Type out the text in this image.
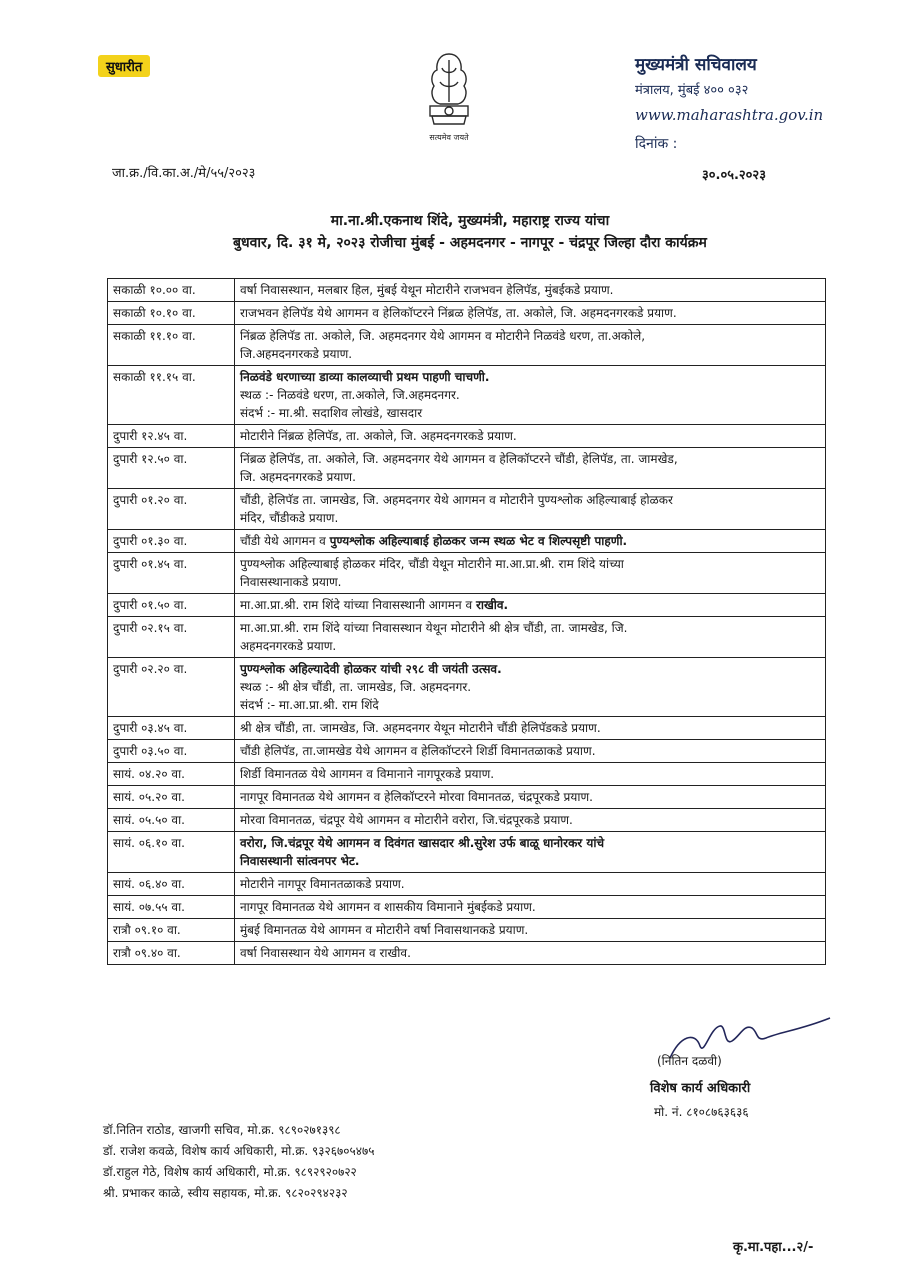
सुधारीत
सत्यमेव जयते
मुख्यमंत्री सचिवालय
मंत्रालय, मुंबई ४०० ०३२
www.maharashtra.gov.in
दिनांक :
जा.क्र./वि.का.अ./मे/५५/२०२३	३०.०५.२०२३
मा.ना.श्री.एकनाथ शिंदे, मुख्यमंत्री, महाराष्ट्र राज्य यांचा
बुधवार, दि. ३१ मे, २०२३ रोजीचा मुंबई - अहमदनगर - नागपूर - चंद्रपूर जिल्हा दौरा कार्यक्रम
सकाळी १०.०० वा.	वर्षा निवासस्थान, मलबार हिल, मुंबई येथून मोटारीने राजभवन हेलिपॅड, मुंबईकडे प्रयाण.

सकाळी १०.१० वा.	राजभवन हेलिपॅड येथे आगमन व हेलिकॉप्टरने निंब्रळ हेलिपॅड, ता. अकोले, जि. अहमदनगरकडे प्रयाण.

सकाळी ११.१० वा.	निंब्रळ हेलिपॅड ता. अकोले, जि. अहमदनगर येथे आगमन व मोटारीने निळवंडे धरण, ता.अकोले,
जि.अहमदनगरकडे प्रयाण.

सकाळी ११.१५ वा.	निळवंडे धरणाच्या डाव्या कालव्याची प्रथम पाहणी चाचणी.
स्थळ :- निळवंडे धरण, ता.अकोले, जि.अहमदनगर.
संदर्भ :- मा.श्री. सदाशिव लोखंडे, खासदार

दुपारी १२.४५ वा.	मोटारीने निंब्रळ हेलिपॅड, ता. अकोले, जि. अहमदनगरकडे प्रयाण.

दुपारी १२.५० वा.	निंब्रळ हेलिपॅड, ता. अकोले, जि. अहमदनगर येथे आगमन व हेलिकॉप्टरने चौंडी, हेलिपॅड, ता. जामखेड,
जि. अहमदनगरकडे प्रयाण.

दुपारी ०१.२० वा.	चौंडी, हेलिपॅड ता. जामखेड, जि. अहमदनगर येथे आगमन व मोटारीने पुण्यश्लोक अहिल्याबाई होळकर
मंदिर, चौंडीकडे प्रयाण.

दुपारी ०१.३० वा.	चौंडी येथे आगमन व पुण्यश्लोक अहिल्याबाई होळकर जन्म स्थळ भेट व शिल्पसृष्टी पाहणी.

दुपारी ०१.४५ वा.	पुण्यश्लोक अहिल्याबाई होळकर मंदिर, चौंडी येथून मोटारीने मा.आ.प्रा.श्री. राम शिंदे यांच्या
निवासस्थानाकडे प्रयाण.

दुपारी ०१.५० वा.	मा.आ.प्रा.श्री. राम शिंदे यांच्या निवासस्थानी आगमन व राखीव.

दुपारी ०२.१५ वा.	मा.आ.प्रा.श्री. राम शिंदे यांच्या निवासस्थान येथून मोटारीने श्री क्षेत्र चौंडी, ता. जामखेड, जि.
अहमदनगरकडे प्रयाण.

दुपारी ०२.२० वा.	पुण्यश्लोक अहिल्यादेवी होळकर यांची २९८ वी जयंती उत्सव.
स्थळ :- श्री क्षेत्र चौंडी, ता. जामखेड, जि. अहमदनगर.
संदर्भ :- मा.आ.प्रा.श्री. राम शिंदे

दुपारी ०३.४५ वा.	श्री क्षेत्र चौंडी, ता. जामखेड, जि. अहमदनगर येथून मोटारीने चौंडी हेलिपॅडकडे प्रयाण.

दुपारी ०३.५० वा.	चौंडी हेलिपॅड, ता.जामखेड येथे आगमन व हेलिकॉप्टरने शिर्डी विमानतळाकडे प्रयाण.

सायं. ०४.२० वा.	शिर्डी विमानतळ येथे आगमन व विमानाने नागपूरकडे प्रयाण.

सायं. ०५.२० वा.	नागपूर विमानतळ येथे आगमन व हेलिकॉप्टरने मोरवा विमानतळ, चंद्रपूरकडे प्रयाण.

सायं. ०५.५० वा.	मोरवा विमानतळ, चंद्रपूर येथे आगमन व मोटारीने वरोरा, जि.चंद्रपूरकडे प्रयाण.

सायं. ०६.१० वा.	वरोरा, जि.चंद्रपूर येथे आगमन व दिवंगत खासदार श्री.सुरेश उर्फ बाळू धानोरकर यांचे
निवासस्थानी सांत्वनपर भेट.

सायं. ०६.४० वा.	मोटारीने नागपूर विमानतळाकडे प्रयाण.

सायं. ०७.५५ वा.	नागपूर विमानतळ येथे आगमन व शासकीय विमानाने मुंबईकडे प्रयाण.

रात्रौ ०९.१० वा.	मुंबई विमानतळ येथे आगमन व मोटारीने वर्षा निवासथानकडे प्रयाण.

रात्रौ ०९.४० वा.	वर्षा निवासस्थान येथे आगमन व राखीव.
(नितिन दळवी)
विशेष कार्य अधिकारी
मो. नं. ८१०८७६३६३६
डॉ.नितिन राठोड, खाजगी सचिव, मो.क्र. ९८९०२७१३९८
डॉ. राजेश कवळे, विशेष कार्य अधिकारी, मो.क्र. ९३२६७०५४७५
डॉ.राहुल गेठे, विशेष कार्य अधिकारी, मो.क्र. ९८९२९२०७२२
श्री. प्रभाकर काळे, स्वीय सहायक, मो.क्र. ९८२०२९४२३२
कृ.मा.पहा...२/-
